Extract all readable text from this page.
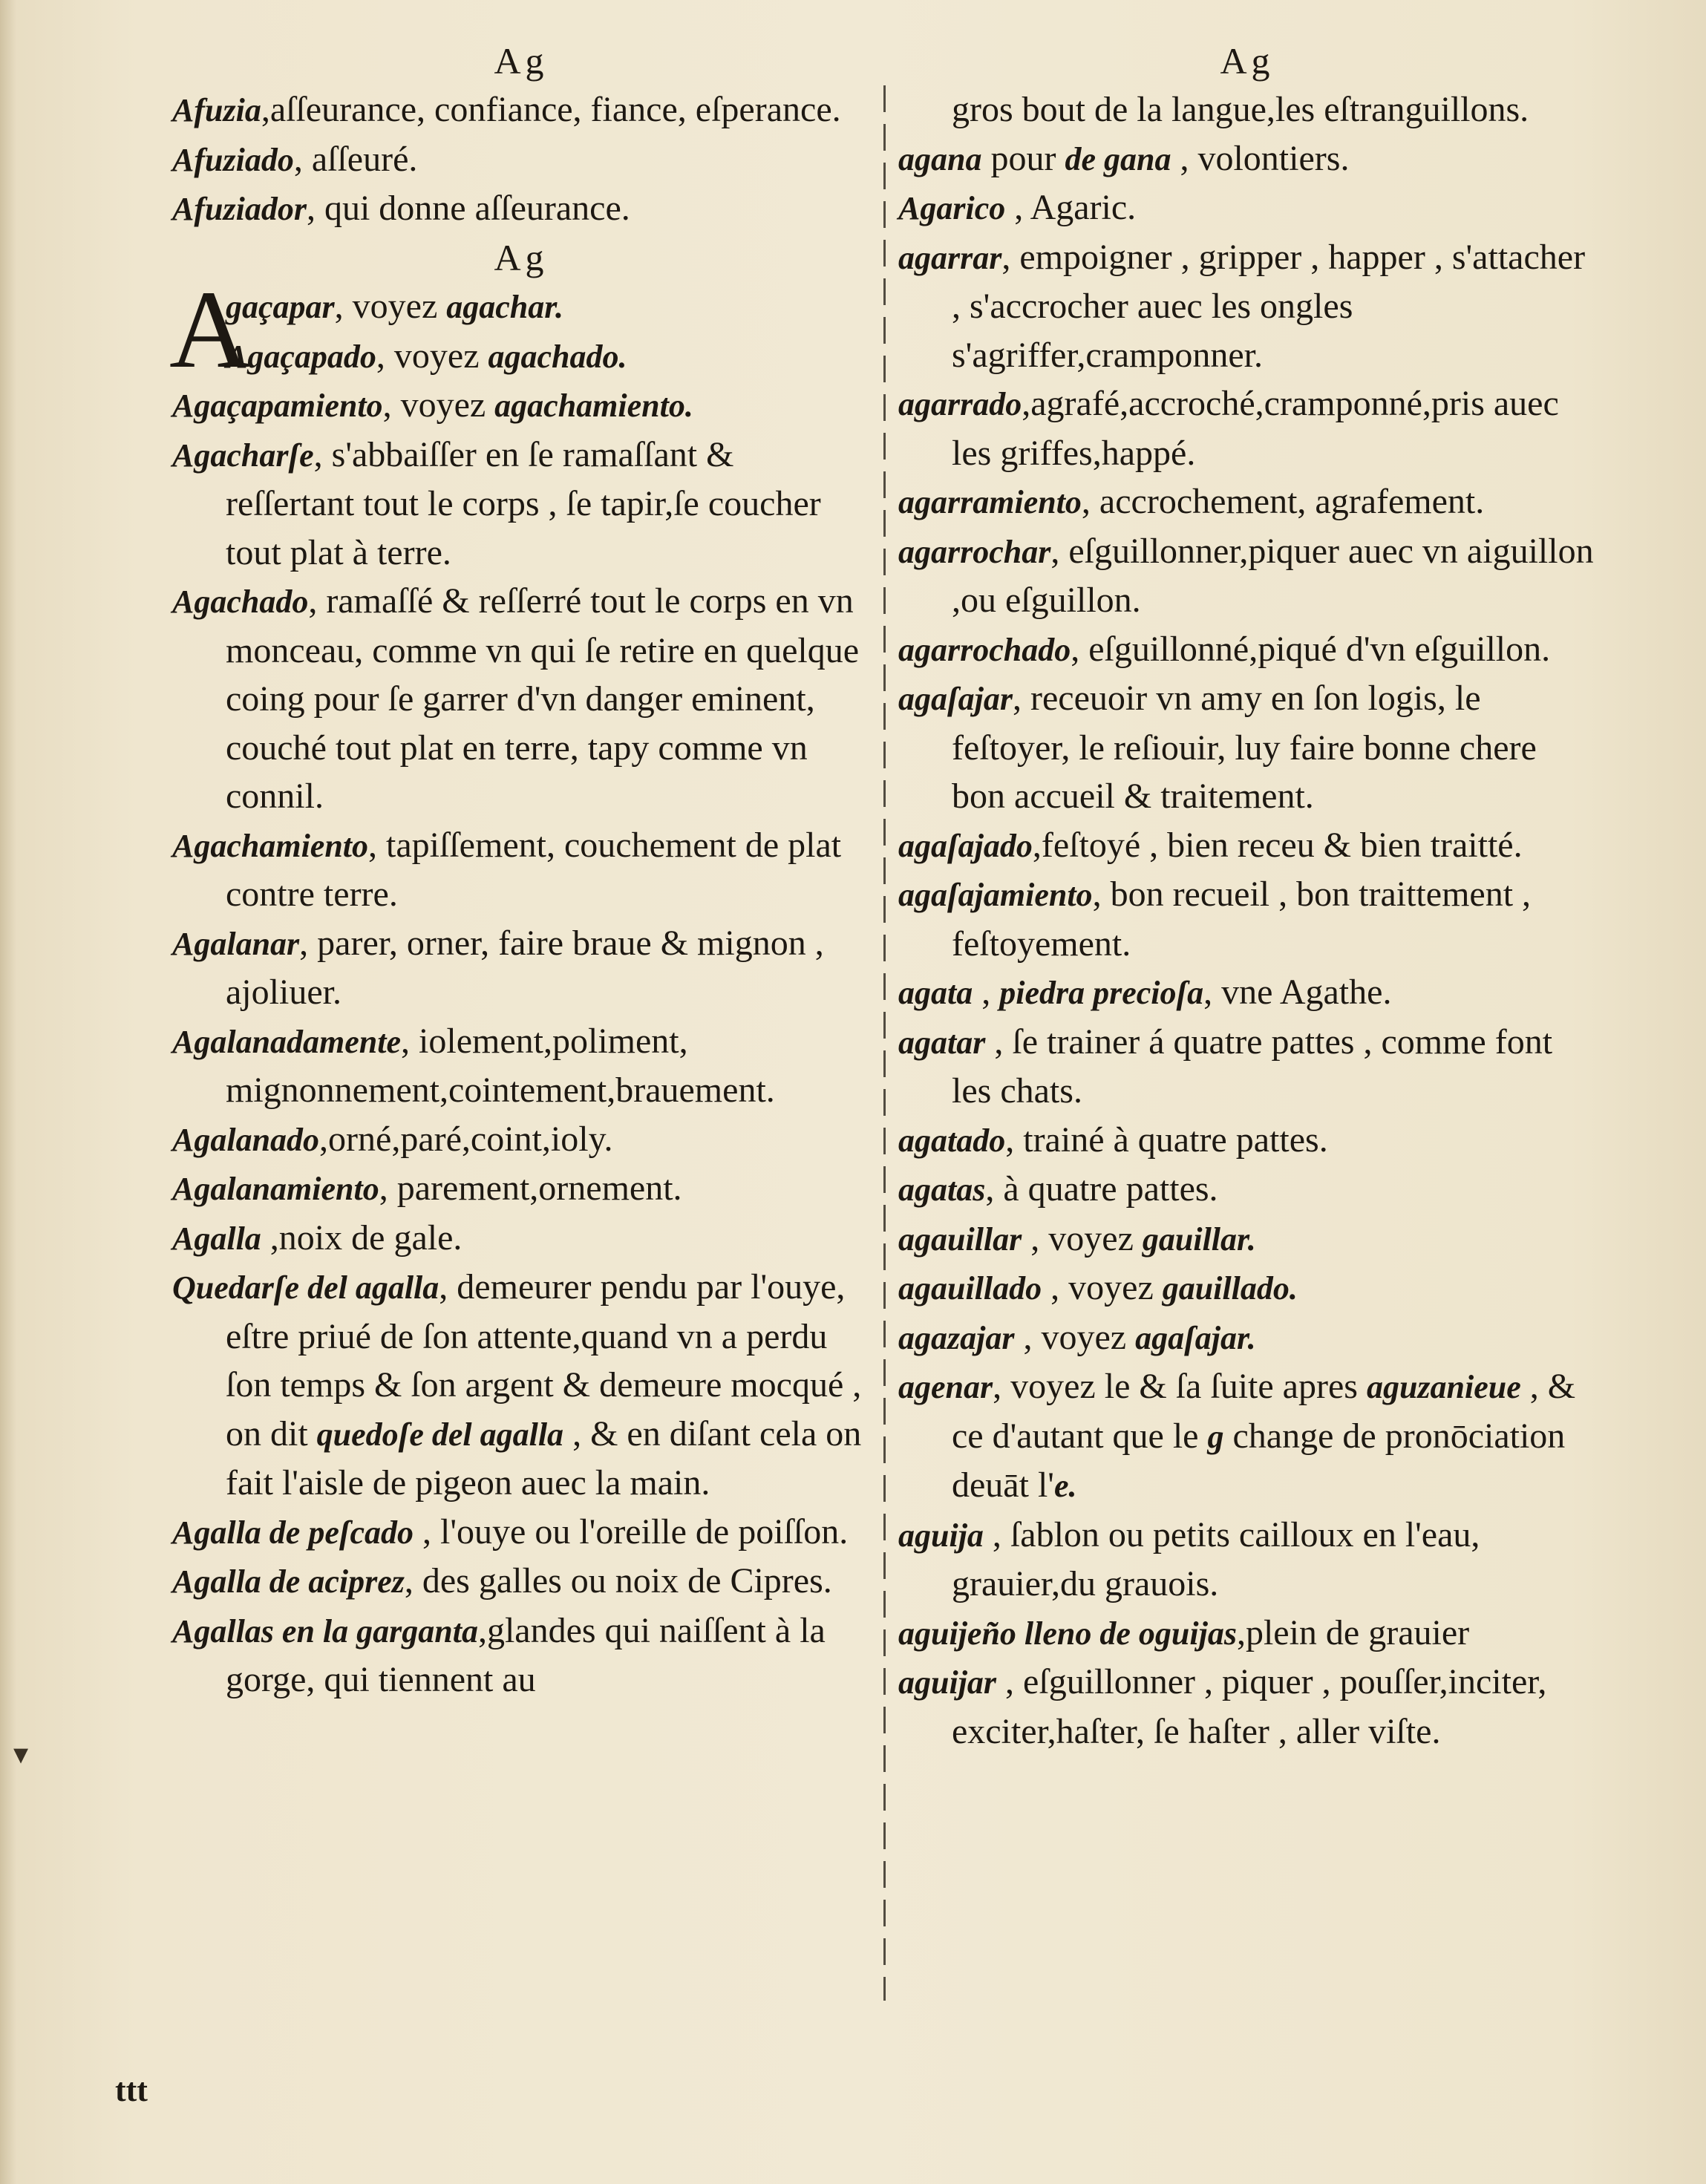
Ag
Afuzia,aſſeurance, confiance, fiance, eſperance.
Afuziado, aſſeuré.
Afuziador, qui donne aſſeurance.
Ag
A
gaçapar, voyez agachar.
Agaçapado, voyez agachado.
Agaçapamiento, voyez agachamiento.
Agacharſe, s'abbaiſſer en ſe ramaſſant & reſſertant tout le corps , ſe tapir,ſe coucher tout plat à terre.
Agachado, ramaſſé & reſſerré tout le corps en vn monceau, comme vn qui ſe retire en quelque coing pour ſe garrer d'vn danger eminent, couché tout plat en terre, tapy comme vn connil.
Agachamiento, tapiſſement, couchement de plat contre terre.
Agalanar, parer, orner, faire braue & mignon , ajoliuer.
Agalanadamente, iolement,poliment, mignonnement,cointement,brauement.
Agalanado,orné,paré,coint,ioly.
Agalanamiento, parement,ornement.
Agalla ,noix de gale.
Quedarſe del agalla, demeurer pendu par l'ouye, eſtre priué de ſon attente,quand vn a perdu ſon temps & ſon argent & demeure mocqué , on dit quedoſe del agalla , & en diſant cela on fait l'aisle de pigeon auec la main.
Agalla de peſcado , l'ouye ou l'oreille de poiſſon.
Agalla de aciprez, des galles ou noix de Cipres.
Agallas en la garganta,glandes qui naiſſent à la gorge, qui tiennent au
Ag
gros bout de la langue,les eſtranguillons.
agana pour de gana , volontiers.
Agarico , Agaric.
agarrar, empoigner , gripper , happer , s'attacher , s'accrocher auec les ongles s'agriffer,cramponner.
agarrado,agrafé,accroché,cramponné,pris auec les griffes,happé.
agarramiento, accrochement, agrafement.
agarrochar, eſguillonner,piquer auec vn aiguillon ,ou eſguillon.
agarrochado, eſguillonné,piqué d'vn eſguillon.
agaſajar, receuoir vn amy en ſon logis, le feſtoyer, le reſiouir, luy faire bonne chere bon accueil & traitement.
agaſajado,feſtoyé , bien receu & bien traitté.
agaſajamiento, bon recueil , bon traittement , feſtoyement.
agata , piedra precioſa, vne Agathe.
agatar , ſe trainer á quatre pattes , comme font les chats.
agatado, trainé à quatre pattes.
agatas, à quatre pattes.
agauillar , voyez gauillar.
agauillado , voyez gauillado.
agazajar , voyez agaſajar.
agenar, voyez le & ſa ſuite apres aguzanieue , & ce d'autant que le g change de pronōciation deuāt l'e.
aguija , ſablon ou petits cailloux en l'eau, grauier,du grauois.
aguijeño lleno de oguijas,plein de grauier
aguijar , eſguillonner , piquer , pouſſer,inciter, exciter,haſter, ſe haſter , aller viſte.
ttt
▾
